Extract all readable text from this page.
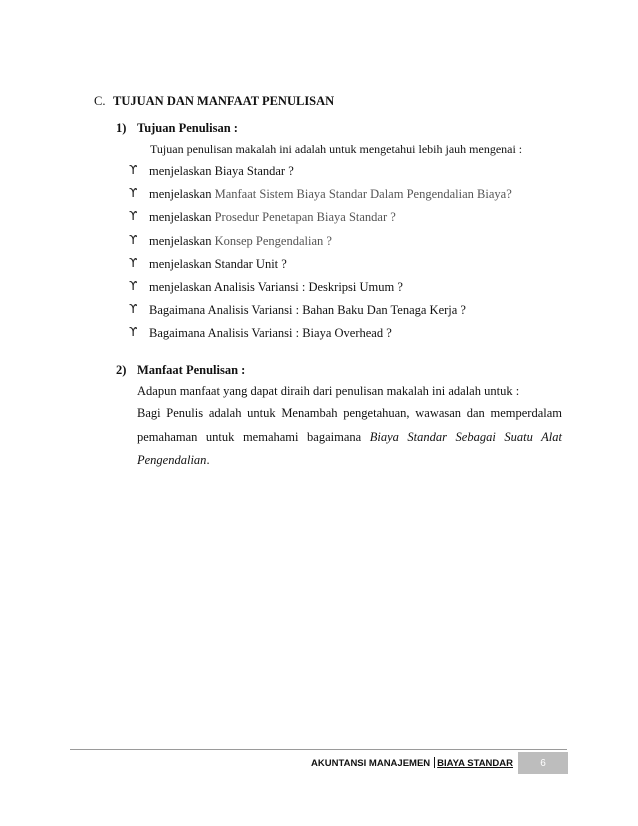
C. TUJUAN DAN MANFAAT PENULISAN
1) Tujuan Penulisan :
Tujuan penulisan makalah ini adalah untuk mengetahui lebih jauh mengenai :
ϒ menjelaskan Biaya Standar ?
ϒ menjelaskan Manfaat Sistem Biaya Standar Dalam Pengendalian Biaya?
ϒ menjelaskan Prosedur Penetapan Biaya Standar ?
ϒ menjelaskan Konsep Pengendalian ?
ϒ menjelaskan Standar Unit ?
ϒ menjelaskan Analisis Variansi : Deskripsi Umum ?
ϒ Bagaimana Analisis Variansi : Bahan Baku Dan Tenaga Kerja ?
ϒ Bagaimana Analisis Variansi : Biaya Overhead ?
2) Manfaat Penulisan :
Adapun manfaat yang dapat diraih dari penulisan makalah ini adalah untuk :
Bagi Penulis adalah untuk Menambah pengetahuan, wawasan dan memperdalam
pemahaman untuk memahami bagaimana Biaya Standar Sebagai Suatu Alat
Pengendalian.
AKUNTANSI MANAJEMEN BIAYA STANDAR	6
